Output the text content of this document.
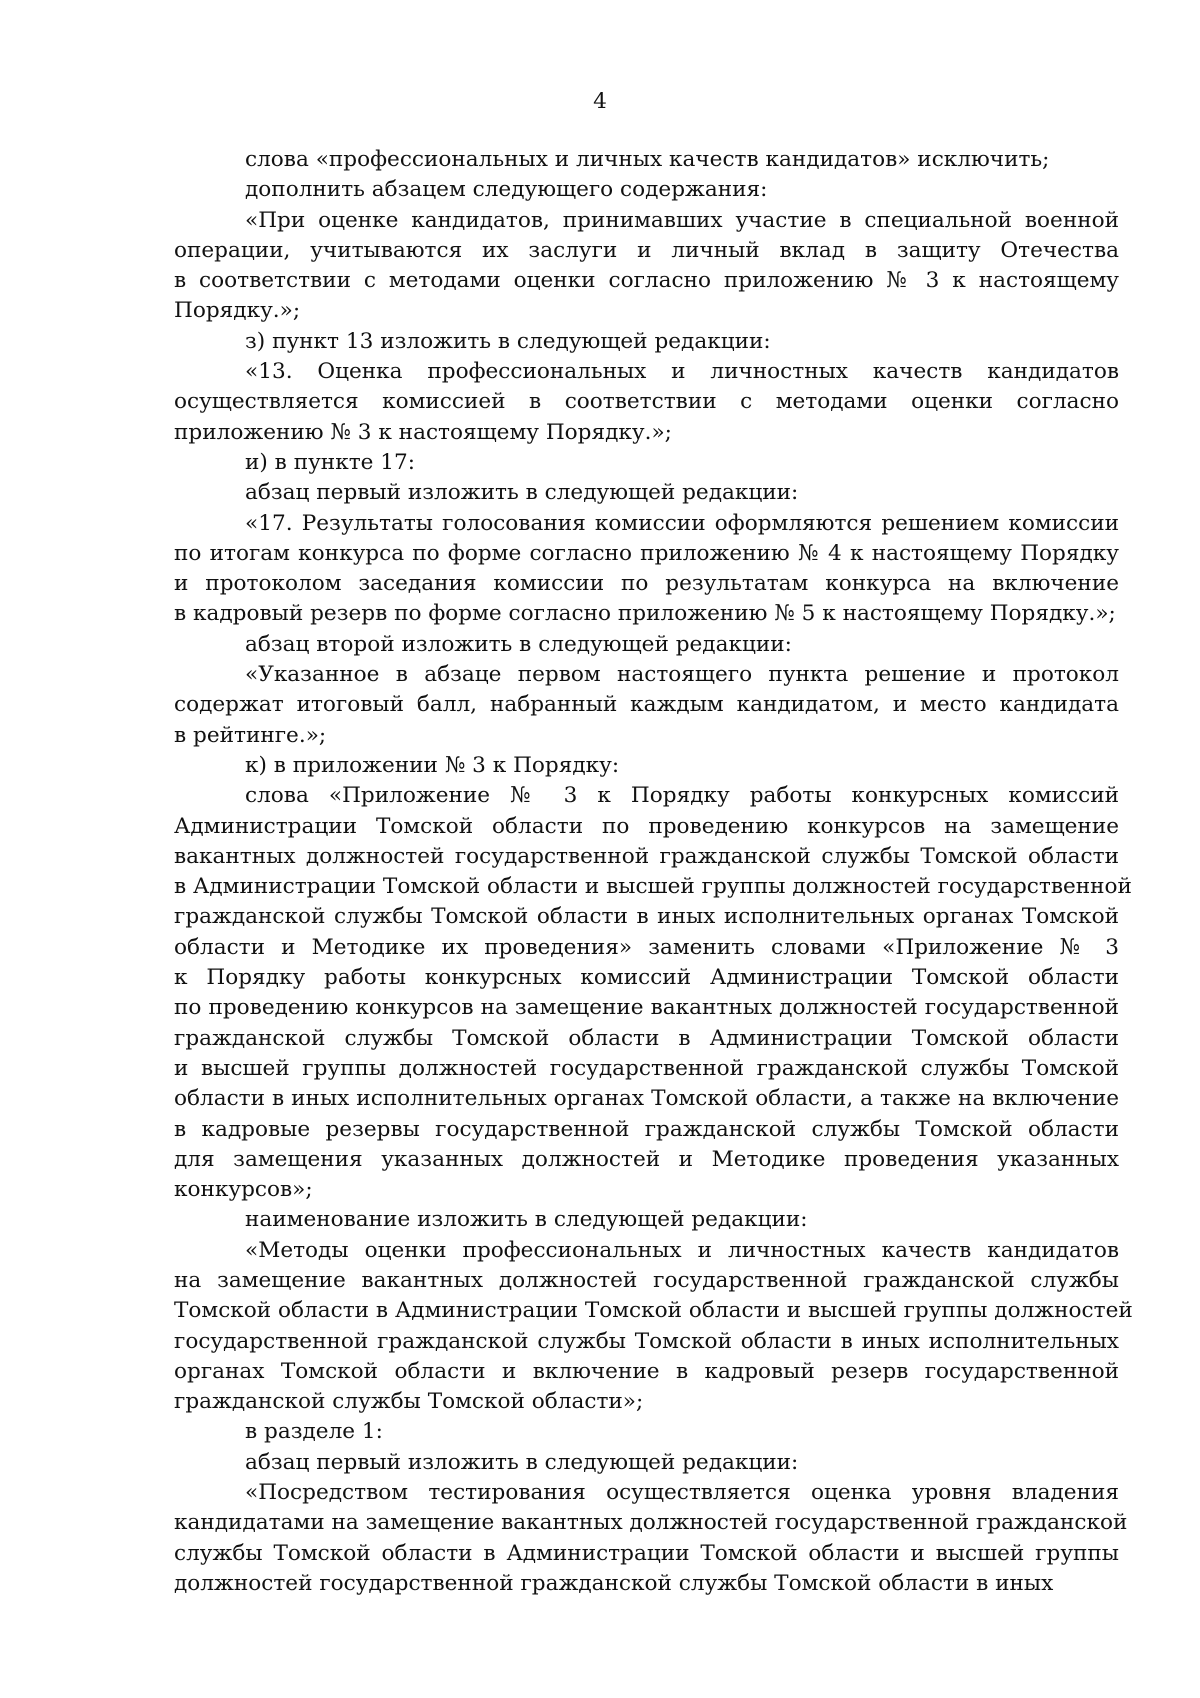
4
слова «профессиональных и личных качеств кандидатов» исключить;
дополнить абзацем следующего содержания:
«При оценке кандидатов, принимавших участие в специальной военной
операции, учитываются их заслуги и личный вклад в защиту Отечества
в соответствии с методами оценки согласно приложению № 3 к настоящему
Порядку.»;
з) пункт 13 изложить в следующей редакции:
«13. Оценка профессиональных и личностных качеств кандидатов
осуществляется комиссией в соответствии с методами оценки согласно
приложению № 3 к настоящему Порядку.»;
и) в пункте 17:
абзац первый изложить в следующей редакции:
«17. Результаты голосования комиссии оформляются решением комиссии
по итогам конкурса по форме согласно приложению № 4 к настоящему Порядку
и протоколом заседания комиссии по результатам конкурса на включение
в кадровый резерв по форме согласно приложению № 5 к настоящему Порядку.»;
абзац второй изложить в следующей редакции:
«Указанное в абзаце первом настоящего пункта решение и протокол
содержат итоговый балл, набранный каждым кандидатом, и место кандидата
в рейтинге.»;
к) в приложении № 3 к Порядку:
слова «Приложение № 3 к Порядку работы конкурсных комиссий
Администрации Томской области по проведению конкурсов на замещение
вакантных должностей государственной гражданской службы Томской области
в Администрации Томской области и высшей группы должностей государственной
гражданской службы Томской области в иных исполнительных органах Томской
области и Методике их проведения» заменить словами «Приложение № 3
к Порядку работы конкурсных комиссий Администрации Томской области
по проведению конкурсов на замещение вакантных должностей государственной
гражданской службы Томской области в Администрации Томской области
и высшей группы должностей государственной гражданской службы Томской
области в иных исполнительных органах Томской области, а также на включение
в кадровые резервы государственной гражданской службы Томской области
для замещения указанных должностей и Методике проведения указанных
конкурсов»;
наименование изложить в следующей редакции:
«Методы оценки профессиональных и личностных качеств кандидатов
на замещение вакантных должностей государственной гражданской службы
Томской области в Администрации Томской области и высшей группы должностей
государственной гражданской службы Томской области в иных исполнительных
органах Томской области и включение в кадровый резерв государственной
гражданской службы Томской области»;
в разделе 1:
абзац первый изложить в следующей редакции:
«Посредством тестирования осуществляется оценка уровня владения
кандидатами на замещение вакантных должностей государственной гражданской
службы Томской области в Администрации Томской области и высшей группы
должностей государственной гражданской службы Томской области в иных
